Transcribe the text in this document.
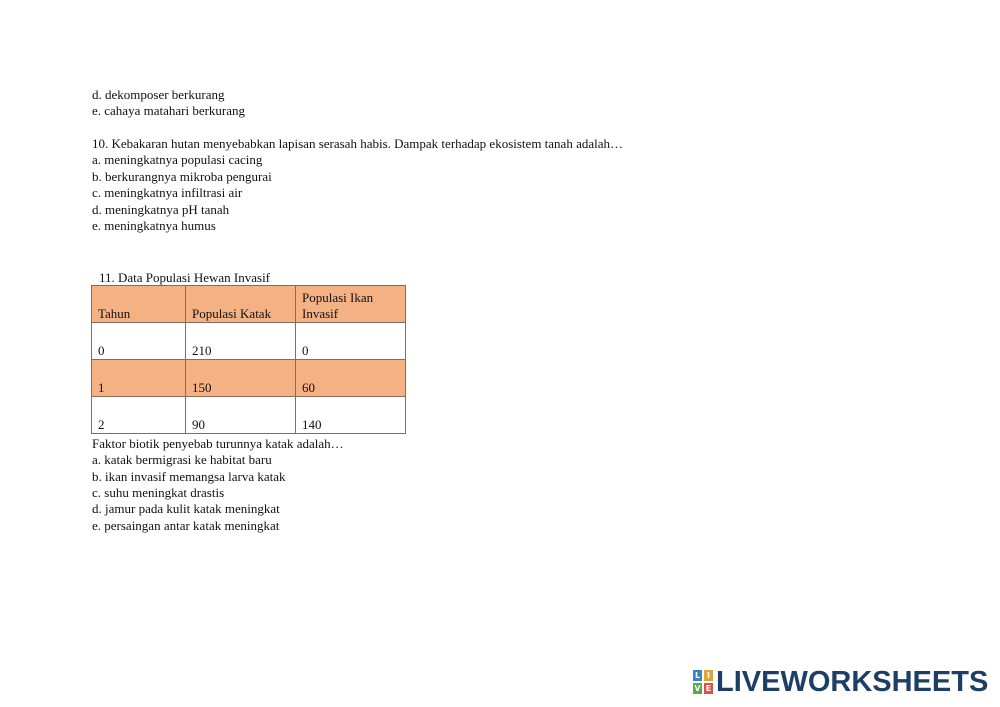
d. dekomposer berkurang
e. cahaya matahari berkurang
10. Kebakaran hutan menyebabkan lapisan serasah habis. Dampak terhadap ekosistem tanah adalah…
a. meningkatnya populasi cacing
b. berkurangnya mikroba pengurai
c. meningkatnya infiltrasi air
d. meningkatnya pH tanah
e. meningkatnya humus
11. Data Populasi Hewan Invasif
Tahun	Populasi Katak	Populasi Ikan Invasif
0	210	0
1	150	60
2	90	140
Faktor biotik penyebab turunnya katak adalah…
a. katak bermigrasi ke habitat baru
b. ikan invasif memangsa larva katak
c. suhu meningkat drastis
d. jamur pada kulit katak meningkat
e. persaingan antar katak meningkat
L I
V E LIVEWORKSHEETS
